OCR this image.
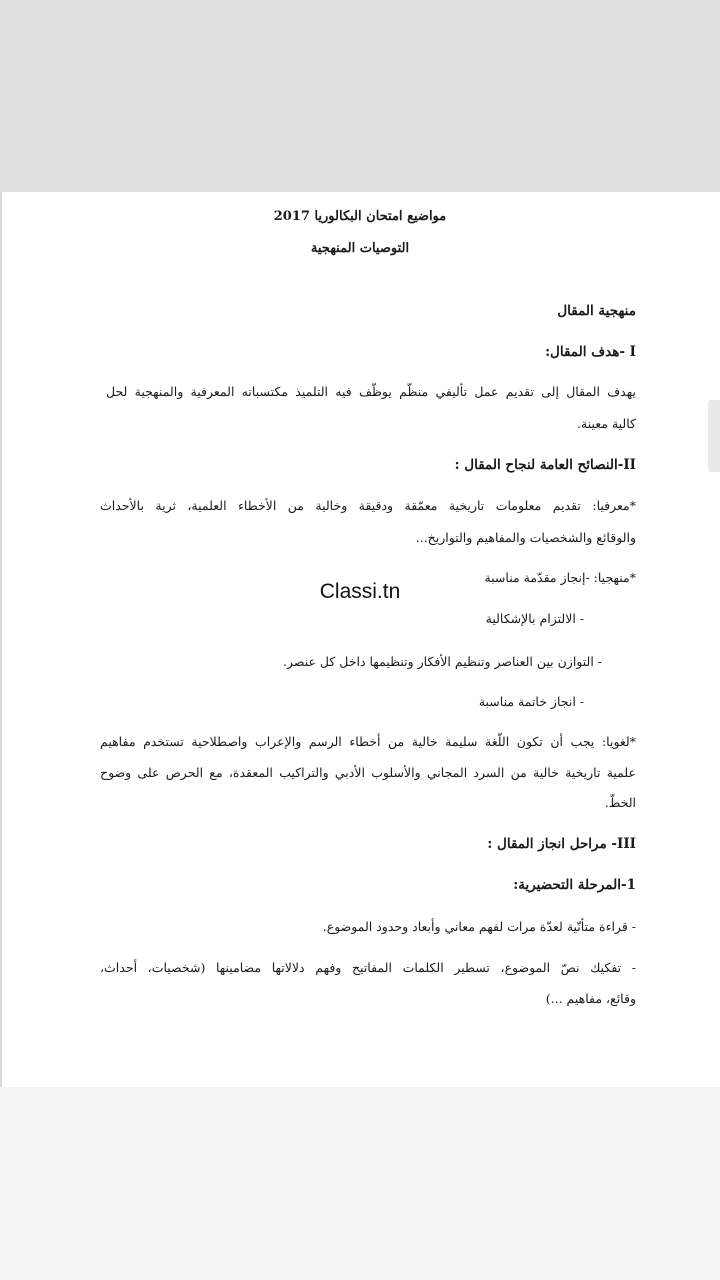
مواضيع امتحان البكالوريا 2017
التوصيات المنهجية
منهجية المقال
I -هدف المقال:
يهدف المقال إلى تقديم عمل تأليفي منظّم يوظّف فيه التلميذ مكتسباته المعرفية والمنهجية لحل
كالية معينة.
II-النصائح العامة لنجاح المقال :
*معرفيا: تقديم معلومات تاريخية معمّقة ودقيقة وخالية من الأخطاء العلمية، ثرية بالأحداث
والوقائع والشخصيات والمفاهيم والتواريخ...
*منهجيا: -إنجاز مقدّمة مناسبة
- الالتزام بالإشكالية
- التوازن بين العناصر وتنظيم الأفكار وتنظيمها داخل كل عنصر.
- انجاز خاتمة مناسبة
*لغويا: يجب أن تكون اللّغة سليمة خالية من أخطاء الرسم والإعراب واصطلاحية تستخدم مفاهيم
علمية تاريخية خالية من السرد المجاني والأسلوب الأدبي والتراكيب المعقدة، مع الحرص على وضوح
الخطّ.
III- مراحل انجاز المقال :
1-المرحلة التحضيرية:
- قراءة متأنّية لعدّة مرات لفهم معاني وأبعاد وحدود الموضوع.
- تفكيك نصّ الموضوع، تسطير الكلمات المفاتيح وفهم دلالاتها مضامينها (شخصيات، أحداث،
وقائع، مفاهيم ...)
Classi.tn
